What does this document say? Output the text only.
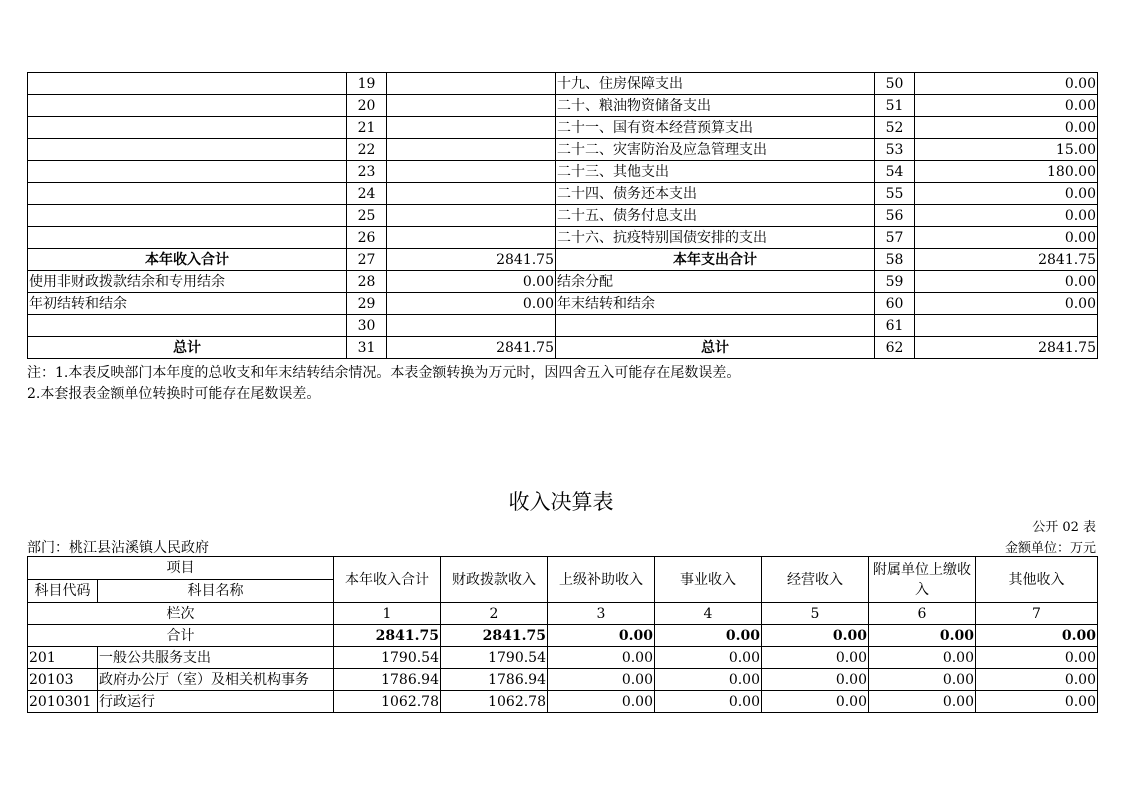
	19		十九、住房保障支出	50	0.00
	20		二十、粮油物资储备支出	51	0.00
	21		二十一、国有资本经营预算支出	52	0.00
	22		二十二、灾害防治及应急管理支出	53	15.00
	23		二十三、其他支出	54	180.00
	24		二十四、债务还本支出	55	0.00
	25		二十五、债务付息支出	56	0.00
	26		二十六、抗疫特别国债安排的支出	57	0.00
本年收入合计	27	2841.75	本年支出合计	58	2841.75
使用非财政拨款结余和专用结余	28	0.00	结余分配	59	0.00
年初结转和结余	29	0.00	年末结转和结余	60	0.00
	30			61	
总计	31	2841.75	总计	62	2841.75
注：1.本表反映部门本年度的总收支和年末结转结余情况。本表金额转换为万元时，因四舍五入可能存在尾数误差。
2.本套报表金额单位转换时可能存在尾数误差。
收入决算表
公开 02 表
部门：桃江县沾溪镇人民政府	金额单位：万元
项目		本年收入合计	财政拨款收入	上级补助收入	事业收入	经营收入	附属单位上缴收入	其他收入
科目代码	科目名称							
栏次		1	2	3	4	5	6	7
合计		2841.75	2841.75	0.00	0.00	0.00	0.00	0.00
201	一般公共服务支出	1790.54	1790.54	0.00	0.00	0.00	0.00	0.00
20103	政府办公厅（室）及相关机构事务	1786.94	1786.94	0.00	0.00	0.00	0.00	0.00
2010301	行政运行	1062.78	1062.78	0.00	0.00	0.00	0.00	0.00
